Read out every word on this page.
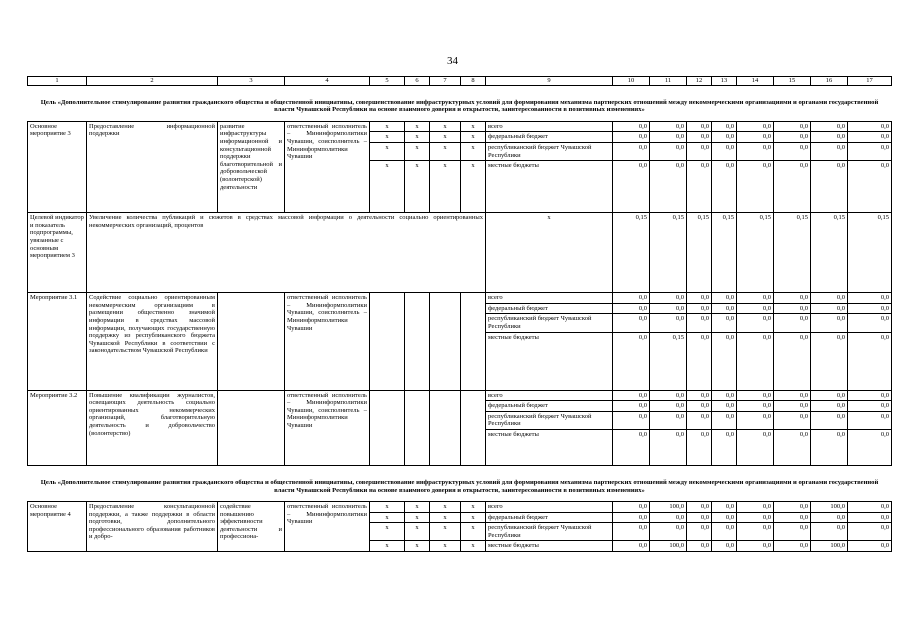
34
1	2	3	4	5	6	7	8	9	10	11	12	13	14	15	16	17
Цель «Дополнительное стимулирование развития гражданского общества и общественной инициативы, совершенствование инфраструктурных условий для формирования механизма партнерских отношений между некоммерческими организациями и органами государственной власти Чувашской Республики на основе взаимного доверия и открытости, заинтересованности в позитивных изменениях»																
Основное мероприятие 3	Предоставление информационной поддержки	развитие инфраструктуры информационной и консультационной поддержки благотворительной и добровольческой (волонтерской) деятельности	ответственный исполнитель – Мининформполитики Чувашии, соисполнитель – Мининформполитики Чувашии	x	x	x	x	всего	0,0	0,0	0,0	0,0	0,0	0,0	0,0	0,0
				x	x	x	x	федеральный бюджет	0,0	0,0	0,0	0,0	0,0	0,0	0,0	0,0
				x	x	x	x	республиканский бюджет Чувашской Республики	0,0	0,0	0,0	0,0	0,0	0,0	0,0	0,0
				x	x	x	x	местные бюджеты	0,0	0,0	0,0	0,0	0,0	0,0	0,0	0,0
Целевой индикатор и показатель подпрограммы, увязанные с основным мероприятием 3	Увеличение количества публикаций и сюжетов в средствах массовой информации о деятельности социально ориентированных некоммерческих организаций, процентов							x	0,15	0,15	0,15	0,15	0,15	0,15	0,15	0,15
Мероприятие 3.1	Содействие социально ориентированным некоммерческим организациям в размещении общественно значимой информации в средствах массовой информации, получающих государственную поддержку из республиканского бюджета Чувашской Республики в соответствии с законодательством Чувашской Республики		ответственный исполнитель – Мининформполитики Чувашии, соисполнитель – Мининформполитики Чувашии					всего	0,0	0,0	0,0	0,0	0,0	0,0	0,0	0,0
								федеральный бюджет	0,0	0,0	0,0	0,0	0,0	0,0	0,0	0,0
								республиканский бюджет Чувашской Республики	0,0	0,0	0,0	0,0	0,0	0,0	0,0	0,0
								местные бюджеты	0,0	0,15	0,0	0,0	0,0	0,0	0,0	0,0
Мероприятие 3.2	Повышение квалификации журналистов, освещающих деятельность социально ориентированных некоммерческих организаций, благотворительную деятельность и добровольчество (волонтерство)		ответственный исполнитель – Мининформполитики Чувашии, соисполнитель – Мининформполитики Чувашии					всего	0,0	0,0	0,0	0,0	0,0	0,0	0,0	0,0
								федеральный бюджет	0,0	0,0	0,0	0,0	0,0	0,0	0,0	0,0
								республиканский бюджет Чувашской Республики	0,0	0,0	0,0	0,0	0,0	0,0	0,0	0,0
								местные бюджеты	0,0	0,0	0,0	0,0	0,0	0,0	0,0	0,0
Цель «Дополнительное стимулирование развития гражданского общества и общественной инициативы, совершенствование инфраструктурных условий для формирования механизма партнерских отношений между некоммерческими организациями и органами государственной власти Чувашской Республики на основе взаимного доверия и открытости, заинтересованности в позитивных изменениях»																
Основное мероприятие 4	Предоставление консультационной поддержки, а также поддержки в области подготовки, дополнительного профессионального образования работников и добро-	содействие повышению эффективности деятельности и профессиона-	ответственный исполнитель – Мининформполитики Чувашии	x	x	x	x	всего	0,0	100,0	0,0	0,0	0,0	0,0	100,0	0,0
				x	x	x	x	федеральный бюджет	0,0	0,0	0,0	0,0	0,0	0,0	0,0	0,0
				x	x	x	x	республиканский бюджет Чувашской Республики	0,0	0,0	0,0	0,0	0,0	0,0	0,0	0,0
				x	x	x	x	местные бюджеты	0,0	100,0	0,0	0,0	0,0	0,0	100,0	0,0
